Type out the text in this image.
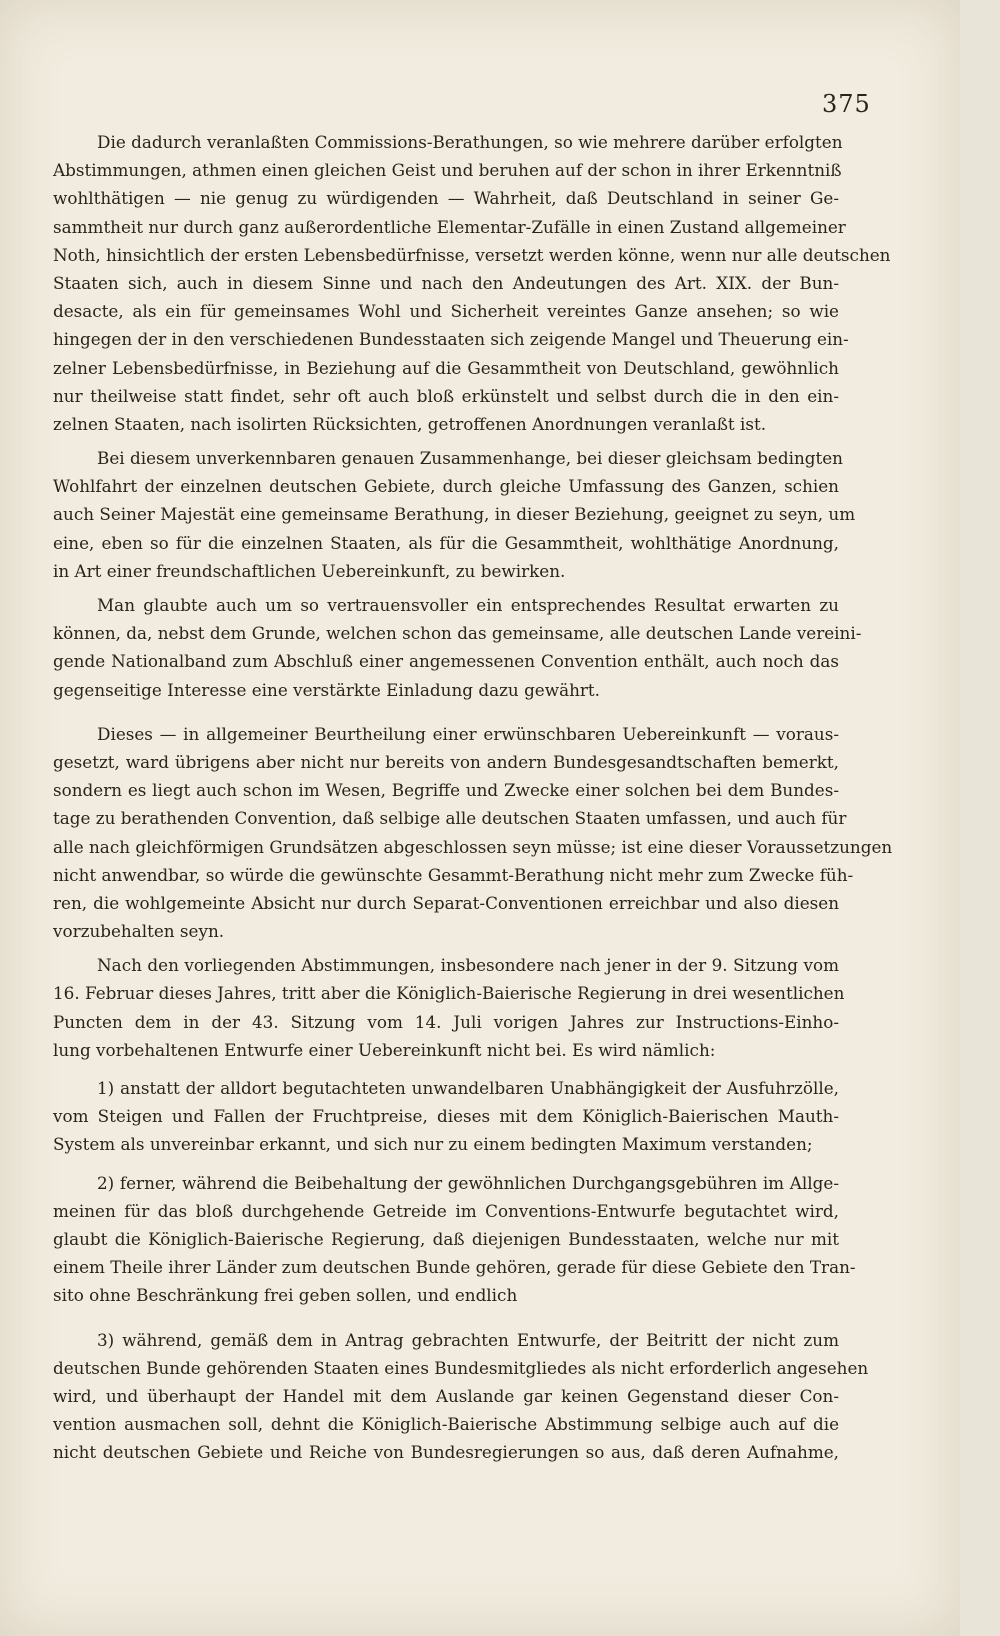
375
Die dadurch veranlaßten Commissions-Berathungen, so wie mehrere darüber erfolgten
Abstimmungen, athmen einen gleichen Geist und beruhen auf der schon in ihrer Erkenntniß
wohlthätigen — nie genug zu würdigenden — Wahrheit, daß Deutschland in seiner Ge-
sammtheit nur durch ganz außerordentliche Elementar-Zufälle in einen Zustand allgemeiner
Noth, hinsichtlich der ersten Lebensbedürfnisse, versetzt werden könne, wenn nur alle deutschen
Staaten sich, auch in diesem Sinne und nach den Andeutungen des Art. XIX. der Bun-
desacte, als ein für gemeinsames Wohl und Sicherheit vereintes Ganze ansehen; so wie
hingegen der in den verschiedenen Bundesstaaten sich zeigende Mangel und Theuerung ein-
zelner Lebensbedürfnisse, in Beziehung auf die Gesammtheit von Deutschland, gewöhnlich
nur theilweise statt findet, sehr oft auch bloß erkünstelt und selbst durch die in den ein-
zelnen Staaten, nach isolirten Rücksichten, getroffenen Anordnungen veranlaßt ist.
Bei diesem unverkennbaren genauen Zusammenhange, bei dieser gleichsam bedingten
Wohlfahrt der einzelnen deutschen Gebiete, durch gleiche Umfassung des Ganzen, schien
auch Seiner Majestät eine gemeinsame Berathung, in dieser Beziehung, geeignet zu seyn, um
eine, eben so für die einzelnen Staaten, als für die Gesammtheit, wohlthätige Anordnung,
in Art einer freundschaftlichen Uebereinkunft, zu bewirken.
Man glaubte auch um so vertrauensvoller ein entsprechendes Resultat erwarten zu
können, da, nebst dem Grunde, welchen schon das gemeinsame, alle deutschen Lande vereini-
gende Nationalband zum Abschluß einer angemessenen Convention enthält, auch noch das
gegenseitige Interesse eine verstärkte Einladung dazu gewährt.
Dieses — in allgemeiner Beurtheilung einer erwünschbaren Uebereinkunft — voraus-
gesetzt, ward übrigens aber nicht nur bereits von andern Bundesgesandtschaften bemerkt,
sondern es liegt auch schon im Wesen, Begriffe und Zwecke einer solchen bei dem Bundes-
tage zu berathenden Convention, daß selbige alle deutschen Staaten umfassen, und auch für
alle nach gleichförmigen Grundsätzen abgeschlossen seyn müsse; ist eine dieser Voraussetzungen
nicht anwendbar, so würde die gewünschte Gesammt-Berathung nicht mehr zum Zwecke füh-
ren, die wohlgemeinte Absicht nur durch Separat-Conventionen erreichbar und also diesen
vorzubehalten seyn.
Nach den vorliegenden Abstimmungen, insbesondere nach jener in der 9. Sitzung vom
16. Februar dieses Jahres, tritt aber die Königlich-Baierische Regierung in drei wesentlichen
Puncten dem in der 43. Sitzung vom 14. Juli vorigen Jahres zur Instructions-Einho-
lung vorbehaltenen Entwurfe einer Uebereinkunft nicht bei. Es wird nämlich:
1) anstatt der alldort begutachteten unwandelbaren Unabhängigkeit der Ausfuhrzölle,
vom Steigen und Fallen der Fruchtpreise, dieses mit dem Königlich-Baierischen Mauth-
System als unvereinbar erkannt, und sich nur zu einem bedingten Maximum verstanden;
2) ferner, während die Beibehaltung der gewöhnlichen Durchgangsgebühren im Allge-
meinen für das bloß durchgehende Getreide im Conventions-Entwurfe begutachtet wird,
glaubt die Königlich-Baierische Regierung, daß diejenigen Bundesstaaten, welche nur mit
einem Theile ihrer Länder zum deutschen Bunde gehören, gerade für diese Gebiete den Tran-
sito ohne Beschränkung frei geben sollen, und endlich
3) während, gemäß dem in Antrag gebrachten Entwurfe, der Beitritt der nicht zum
deutschen Bunde gehörenden Staaten eines Bundesmitgliedes als nicht erforderlich angesehen
wird, und überhaupt der Handel mit dem Auslande gar keinen Gegenstand dieser Con-
vention ausmachen soll, dehnt die Königlich-Baierische Abstimmung selbige auch auf die
nicht deutschen Gebiete und Reiche von Bundesregierungen so aus, daß deren Aufnahme,
